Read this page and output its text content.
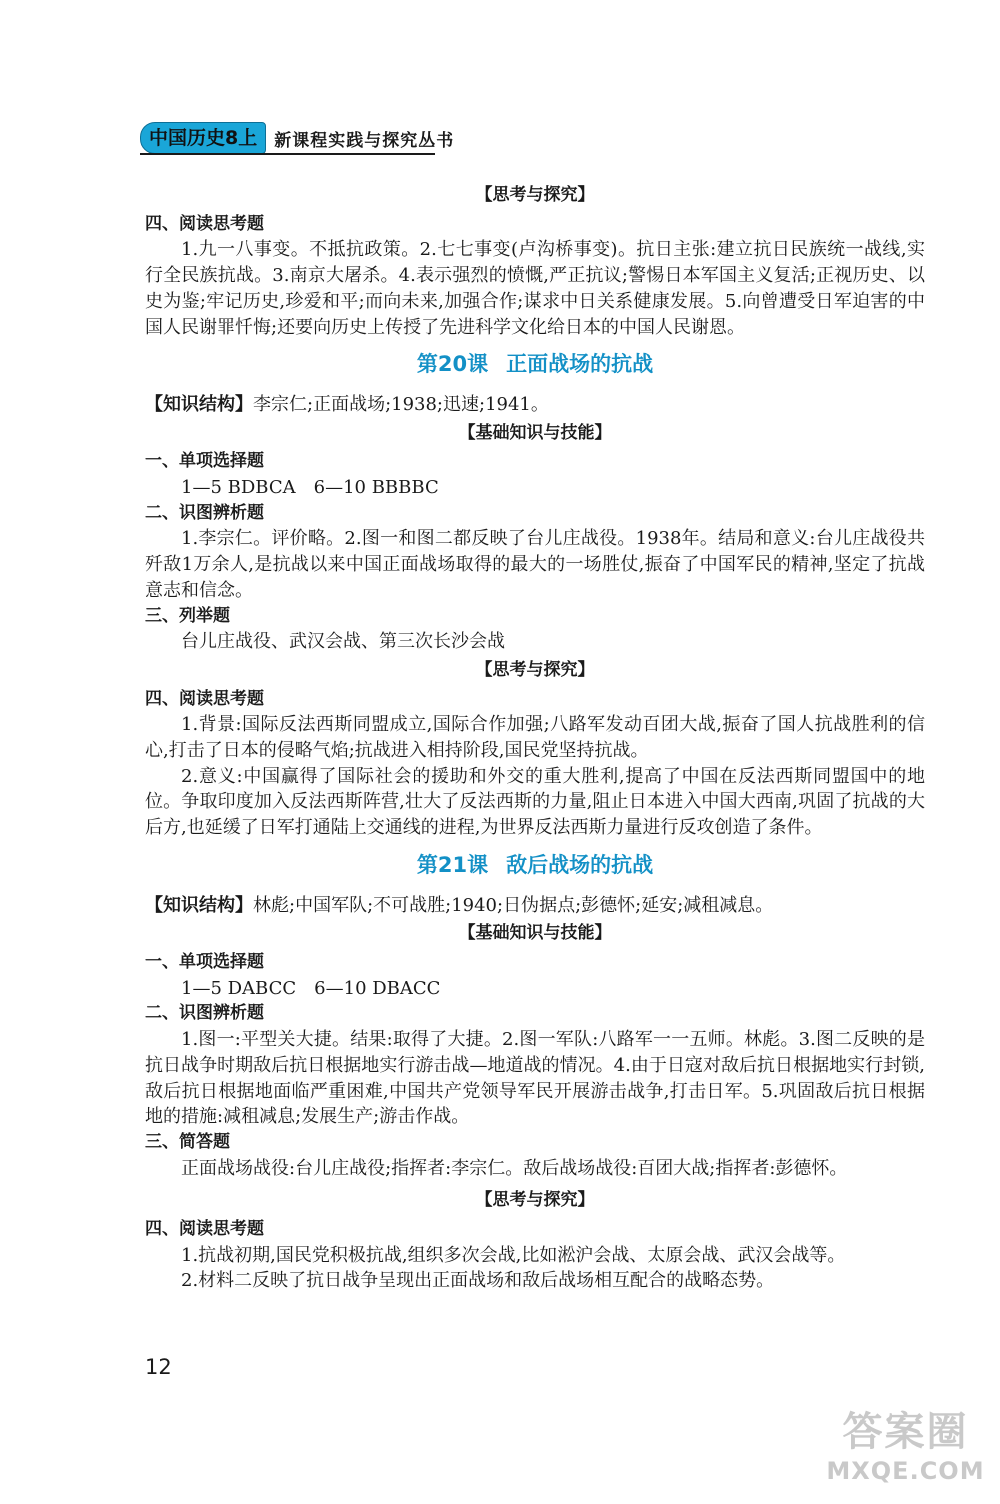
中国历史8上	新课程实践与探究丛书
【思考与探究】
四、阅读思考题
1.九一八事变。不抵抗政策。2.七七事变(卢沟桥事变)。抗日主张:建立抗日民族统一战线,实行全民族抗战。3.南京大屠杀。4.表示强烈的愤慨,严正抗议;警惕日本军国主义复活;正视历史、以史为鉴;牢记历史,珍爱和平;而向未来,加强合作;谋求中日关系健康发展。5.向曾遭受日军迫害的中国人民谢罪忏悔;还要向历史上传授了先进科学文化给日本的中国人民谢恩。
第20课 正面战场的抗战
【知识结构】李宗仁;正面战场;1938;迅速;1941。
【基础知识与技能】
一、单项选择题
1—5 BDBCA　6—10 BBBBC
二、识图辨析题
1.李宗仁。评价略。2.图一和图二都反映了台儿庄战役。1938年。结局和意义:台儿庄战役共歼敌1万余人,是抗战以来中国正面战场取得的最大的一场胜仗,振奋了中国军民的精神,坚定了抗战意志和信念。
三、列举题
台儿庄战役、武汉会战、第三次长沙会战
【思考与探究】
四、阅读思考题
1.背景:国际反法西斯同盟成立,国际合作加强;八路军发动百团大战,振奋了国人抗战胜利的信心,打击了日本的侵略气焰;抗战进入相持阶段,国民党坚持抗战。
2.意义:中国赢得了国际社会的援助和外交的重大胜利,提高了中国在反法西斯同盟国中的地位。争取印度加入反法西斯阵营,壮大了反法西斯的力量,阻止日本进入中国大西南,巩固了抗战的大后方,也延缓了日军打通陆上交通线的进程,为世界反法西斯力量进行反攻创造了条件。
第21课 敌后战场的抗战
【知识结构】林彪;中国军队;不可战胜;1940;日伪据点;彭德怀;延安;减租减息。
【基础知识与技能】
一、单项选择题
1—5 DABCC　6—10 DBACC
二、识图辨析题
1.图一:平型关大捷。结果:取得了大捷。2.图一军队:八路军一一五师。林彪。3.图二反映的是抗日战争时期敌后抗日根据地实行游击战—地道战的情况。4.由于日寇对敌后抗日根据地实行封锁,敌后抗日根据地面临严重困难,中国共产党领导军民开展游击战争,打击日军。5.巩固敌后抗日根据地的措施:减租减息;发展生产;游击作战。
三、简答题
正面战场战役:台儿庄战役;指挥者:李宗仁。敌后战场战役:百团大战;指挥者:彭德怀。
【思考与探究】
四、阅读思考题
1.抗战初期,国民党积极抗战,组织多次会战,比如淞沪会战、太原会战、武汉会战等。
2.材料二反映了抗日战争呈现出正面战场和敌后战场相互配合的战略态势。
12
答案圈
MXQE.COM
